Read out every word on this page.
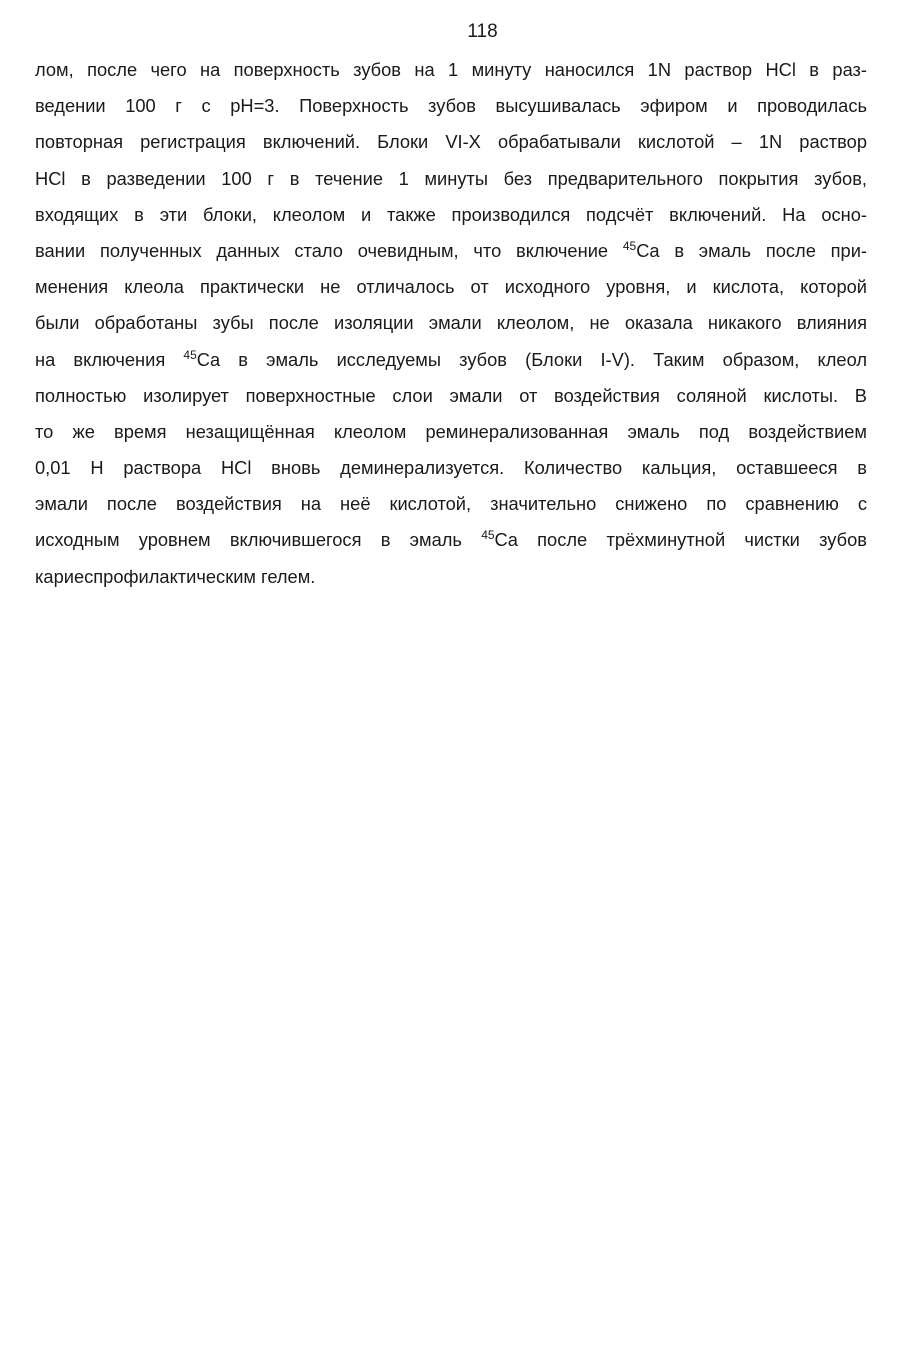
118
лом, после чего на поверхность зубов на 1 минуту наносился 1N раствор HCl в раз-
ведении 100 г с pH=3. Поверхность зубов высушивалась эфиром и проводилась
повторная регистрация включений. Блоки VI-X обрабатывали кислотой – 1N раствор
HCl в разведении 100 г в течение 1 минуты без предварительного покрытия зубов,
входящих в эти блоки, клеолом и также производился подсчёт включений. На осно-
вании полученных данных стало очевидным, что включение $^{45}$Ca в эмаль после при-
менения клеола практически не отличалось от исходного уровня, и кислота, которой
были обработаны зубы после изоляции эмали клеолом, не оказала никакого влияния
на включения $^{45}$Ca в эмаль исследуемы зубов (Блоки I-V). Таким образом, клеол
полностью изолирует поверхностные слои эмали от воздействия соляной кислоты. В
то же время незащищённая клеолом реминерализованная эмаль под воздействием
0,01 Н раствора HCl вновь деминерализуется. Количество кальция, оставшееся в
эмали после воздействия на неё кислотой, значительно снижено по сравнению с
исходным уровнем включившегося в эмаль $^{45}$Ca после трёхминутной чистки зубов
кариеспрофилактическим гелем.
